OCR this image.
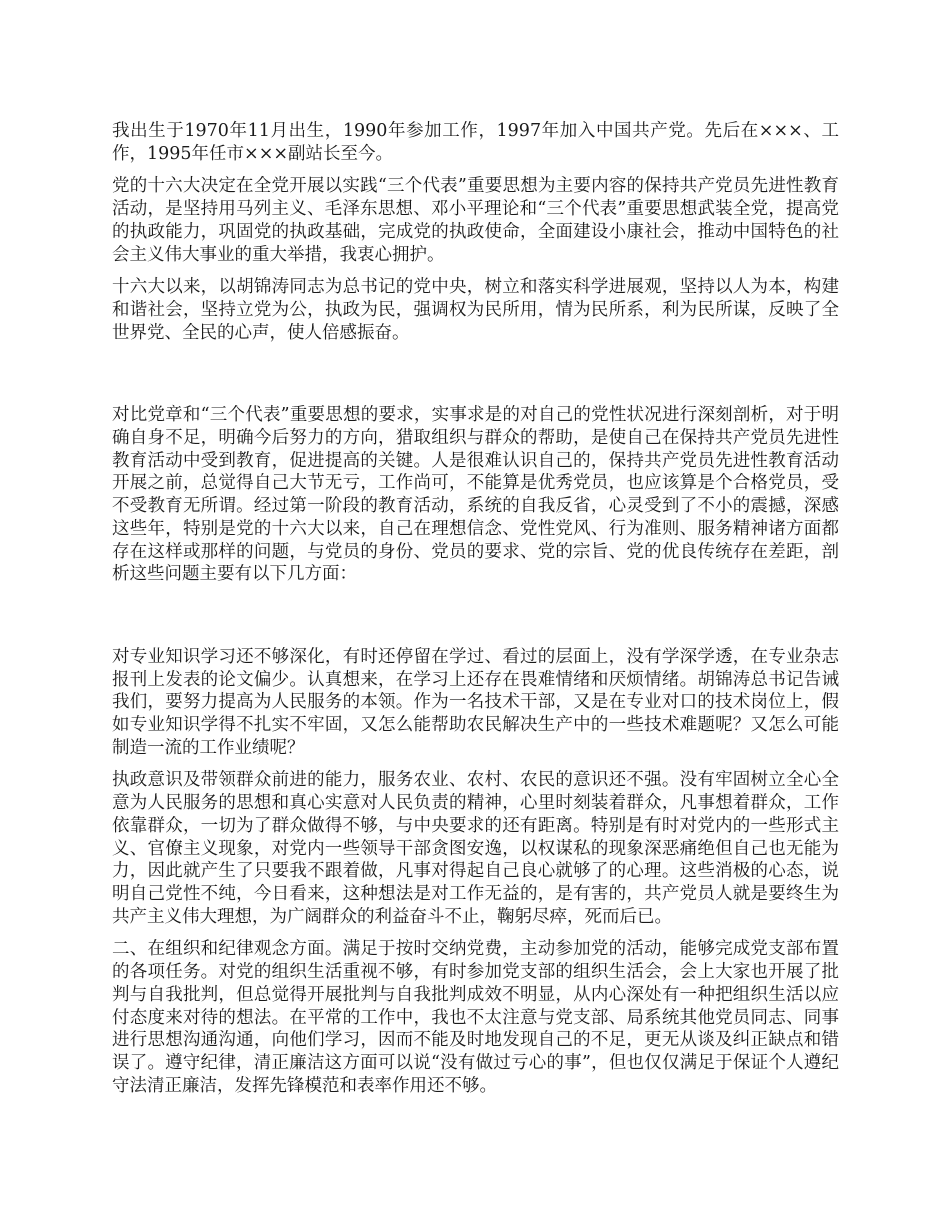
我出生于1970年11月出生，1990年参加工作，1997年加入中国共产党。先后在×××、工作，1995年任市×××副站长至今。

党的十六大决定在全党开展以实践“三个代表”重要思想为主要内容的保持共产党员先进性教育活动，是坚持用马列主义、毛泽东思想、邓小平理论和“三个代表”重要思想武装全党，提高党的执政能力，巩固党的执政基础，完成党的执政使命，全面建设小康社会，推动中国特色的社会主义伟大事业的重大举措，我衷心拥护。

十六大以来，以胡锦涛同志为总书记的党中央，树立和落实科学进展观，坚持以人为本，构建和谐社会，坚持立党为公，执政为民，强调权为民所用，情为民所系，利为民所谋，反映了全世界党、全民的心声，使人倍感振奋。

对比党章和“三个代表”重要思想的要求，实事求是的对自己的党性状况进行深刻剖析，对于明确自身不足，明确今后努力的方向，猎取组织与群众的帮助，是使自己在保持共产党员先进性教育活动中受到教育，促进提高的关键。人是很难认识自己的，保持共产党员先进性教育活动开展之前，总觉得自己大节无亏，工作尚可，不能算是优秀党员，也应该算是个合格党员，受不受教育无所谓。经过第一阶段的教育活动，系统的自我反省，心灵受到了不小的震撼，深感这些年，特别是党的十六大以来，自己在理想信念、党性党风、行为准则、服务精神诸方面都存在这样或那样的问题，与党员的身份、党员的要求、党的宗旨、党的优良传统存在差距，剖析这些问题主要有以下几方面：

对专业知识学习还不够深化，有时还停留在学过、看过的层面上，没有学深学透，在专业杂志报刊上发表的论文偏少。认真想来，在学习上还存在畏难情绪和厌烦情绪。胡锦涛总书记告诫我们，要努力提高为人民服务的本领。作为一名技术干部，又是在专业对口的技术岗位上，假如专业知识学得不扎实不牢固，又怎么能帮助农民解决生产中的一些技术难题呢？又怎么可能制造一流的工作业绩呢？

执政意识及带领群众前进的能力，服务农业、农村、农民的意识还不强。没有牢固树立全心全意为人民服务的思想和真心实意对人民负责的精神，心里时刻装着群众，凡事想着群众，工作依靠群众，一切为了群众做得不够，与中央要求的还有距离。特别是有时对党内的一些形式主义、官僚主义现象，对党内一些领导干部贪图安逸，以权谋私的现象深恶痛绝但自己也无能为力，因此就产生了只要我不跟着做，凡事对得起自己良心就够了的心理。这些消极的心态，说明自己党性不纯，今日看来，这种想法是对工作无益的，是有害的，共产党员人就是要终生为共产主义伟大理想，为广阔群众的利益奋斗不止，鞠躬尽瘁，死而后已。

二、在组织和纪律观念方面。满足于按时交纳党费，主动参加党的活动，能够完成党支部布置的各项任务。对党的组织生活重视不够，有时参加党支部的组织生活会，会上大家也开展了批判与自我批判，但总觉得开展批判与自我批判成效不明显，从内心深处有一种把组织生活以应付态度来对待的想法。在平常的工作中，我也不太注意与党支部、局系统其他党员同志、同事进行思想沟通沟通，向他们学习，因而不能及时地发现自己的不足，更无从谈及纠正缺点和错误了。遵守纪律，清正廉洁这方面可以说“没有做过亏心的事”，但也仅仅满足于保证个人遵纪守法清正廉洁，发挥先锋模范和表率作用还不够。
